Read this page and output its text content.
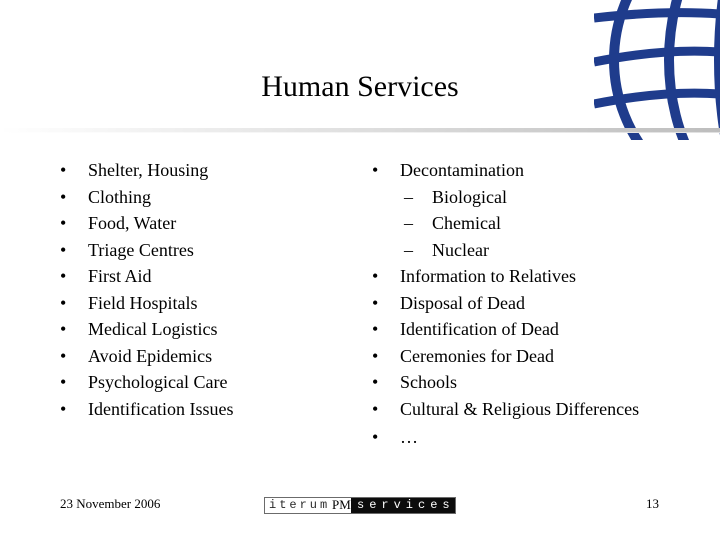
Human Services
• Shelter, Housing
• Clothing
• Food, Water
• Triage Centres
• First Aid
• Field Hospitals
• Medical Logistics
• Avoid Epidemics
• Psychological Care
• Identification Issues
• Decontamination
– Biological
– Chemical
– Nuclear
• Information to Relatives
• Disposal of Dead
• Identification of Dead
• Ceremonies for Dead
• Schools
• Cultural & Religious Differences
• …
23 November 2006	iterum PM services	13
